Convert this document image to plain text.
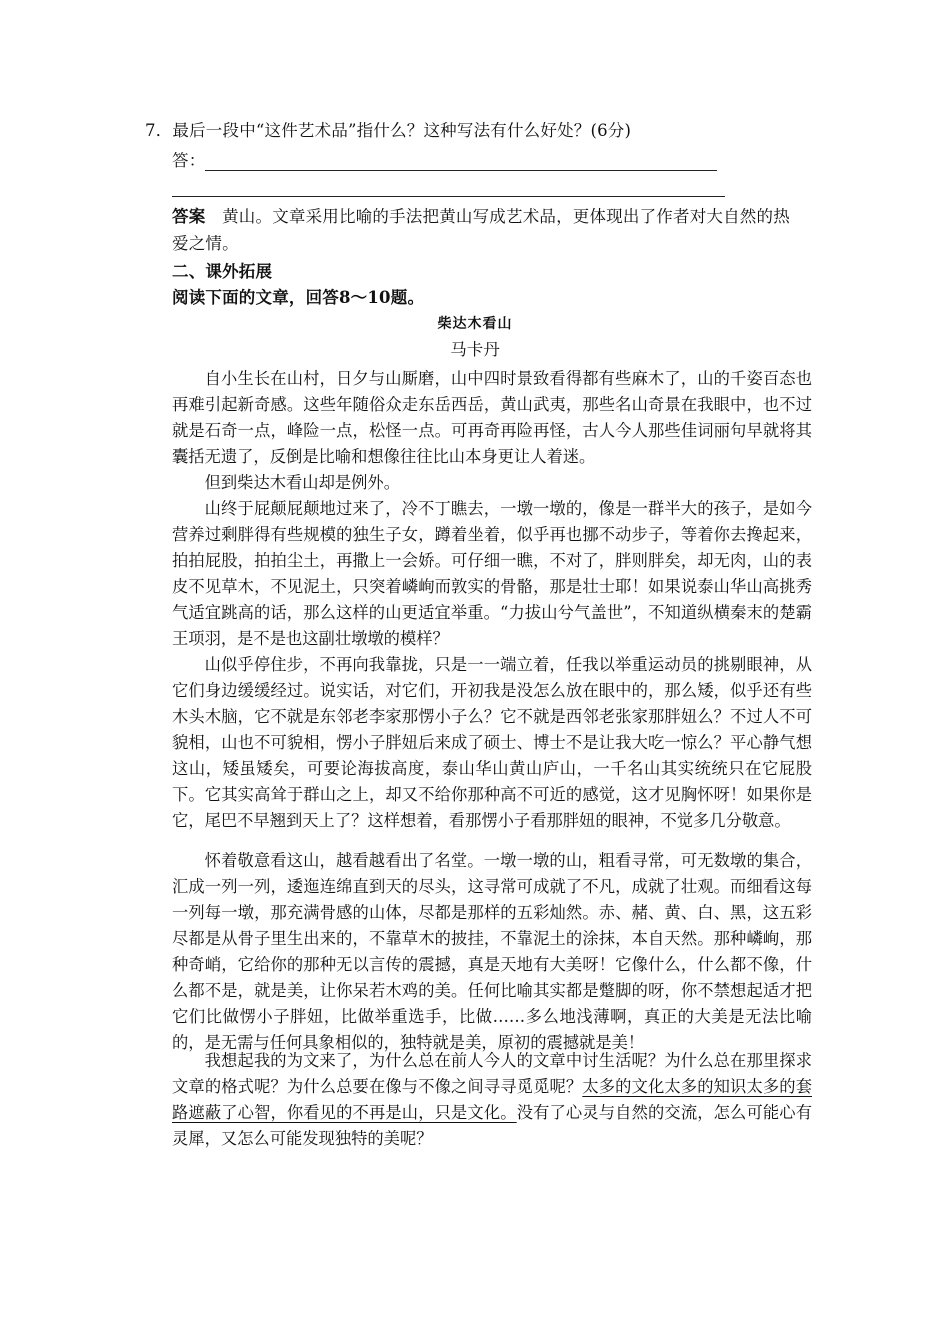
7．最后一段中“这件艺术品”指什么？这种写法有什么好处？(6分)
答：
答案　黄山。文章采用比喻的手法把黄山写成艺术品，更体现出了作者对大自然的热
爱之情。
二、课外拓展
阅读下面的文章，回答8～10题。
柴达木看山
马卡丹
自小生长在山村，日夕与山厮磨，山中四时景致看得都有些麻木了，山的千姿百态也再难引起新奇感。这些年随俗众走东岳西岳，黄山武夷，那些名山奇景在我眼中，也不过就是石奇一点，峰险一点，松怪一点。可再奇再险再怪，古人今人那些佳词丽句早就将其囊括无遗了，反倒是比喻和想像往往比山本身更让人着迷。
但到柴达木看山却是例外。
山终于屁颠屁颠地过来了，冷不丁瞧去，一墩一墩的，像是一群半大的孩子，是如今营养过剩胖得有些规模的独生子女，蹲着坐着，似乎再也挪不动步子，等着你去搀起来，拍拍屁股，拍拍尘土，再撒上一会娇。可仔细一瞧，不对了，胖则胖矣，却无肉，山的表皮不见草木，不见泥土，只突着嶙峋而敦实的骨骼，那是壮士耶！如果说泰山华山高挑秀气适宜跳高的话，那么这样的山更适宜举重。“力拔山兮气盖世”，不知道纵横秦末的楚霸王项羽，是不是也这副壮墩墩的模样？
山似乎停住步，不再向我靠拢，只是一一端立着，任我以举重运动员的挑剔眼神，从它们身边缓缓经过。说实话，对它们，开初我是没怎么放在眼中的，那么矮，似乎还有些木头木脑，它不就是东邻老李家那愣小子么？它不就是西邻老张家那胖妞么？不过人不可貌相，山也不可貌相，愣小子胖妞后来成了硕士、博士不是让我大吃一惊么？平心静气想这山，矮虽矮矣，可要论海拔高度，泰山华山黄山庐山，一千名山其实统统只在它屁股下。它其实高耸于群山之上，却又不给你那种高不可近的感觉，这才见胸怀呀！如果你是它，尾巴不早翘到天上了？这样想着，看那愣小子看那胖妞的眼神，不觉多几分敬意。
怀着敬意看这山，越看越看出了名堂。一墩一墩的山，粗看寻常，可无数墩的集合，汇成一列一列，逶迤连绵直到天的尽头，这寻常可成就了不凡，成就了壮观。而细看这每一列每一墩，那充满骨感的山体，尽都是那样的五彩灿然。赤、赭、黄、白、黑，这五彩尽都是从骨子里生出来的，不靠草木的披挂，不靠泥土的涂抹，本自天然。那种嶙峋，那种奇峭，它给你的那种无以言传的震撼，真是天地有大美呀！它像什么，什么都不像，什么都不是，就是美，让你呆若木鸡的美。任何比喻其实都是蹩脚的呀，你不禁想起适才把它们比做愣小子胖妞，比做举重选手，比做……多么地浅薄啊，真正的大美是无法比喻的，是无需与任何具象相似的，独特就是美，原初的震撼就是美！
我想起我的为文来了，为什么总在前人今人的文章中讨生活呢？为什么总在那里探求文章的格式呢？为什么总要在像与不像之间寻寻觅觅呢？太多的文化太多的知识太多的套路遮蔽了心智，你看见的不再是山，只是文化。没有了心灵与自然的交流，怎么可能心有灵犀，又怎么可能发现独特的美呢？
